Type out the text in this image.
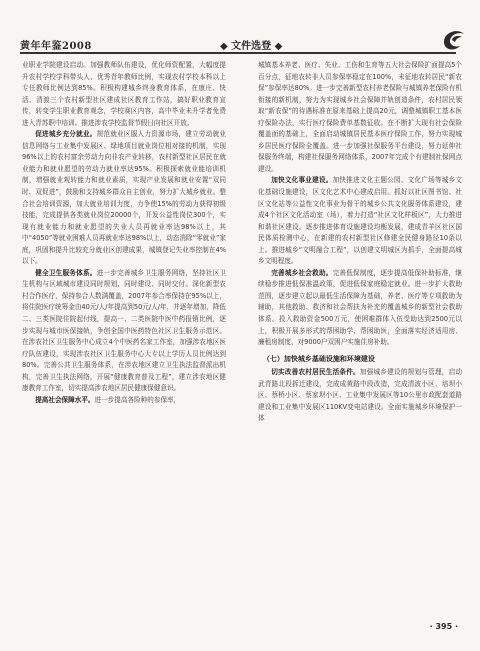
黄年年鉴2008	◆ 文件选登 ◆

业职业学院建设启动。加强教师队伍建设，优化师资配置，大幅度提升农村学校学科带头人、优秀青年教师比例，实现农村学校本科以上专任教师比例达到85%。积极构建城乡终身教育体系，在康庄、快活、清渡三个农村新型社区建成社区教育工作站，搞好职业教育宣传，转变学生职业教育观念，学校赛区内容，高中毕业未升学者免费进入青苏职中培训。推进涉农学校监督节假日向社区开放。

促进城乡充分就业。规范就业区服人力资源市场，建立劳动就业信息网络与工业集中发展区、绿地项目就业岗位相对接的机制，实现96%以上的农村富余劳动力向非农产业转移，农村新型社区居民在就业能力和就业愿望的劳动力就业率达95%。积极探索就业能培训机制，增强就业观转能力和就业素质，实现产业发展和就业安置“双同时、双促进”，鼓励和支持城乡群众自主创业，努力扩大城乡就业。整合社会培训资源，加大就业培训力度，力争使15%的劳动力获得初级技能，完成提供各类就业岗位20000个，开发公益性岗位300个，实现有就业能力和就业愿望的失业人员再就业率达98%以上，其中“4050”等就业困难人员再就业率达98%以上，动态消除“零就业”家庭，巩固和提升比较充分就业区创建成果，城镇登记失业率控制在4%以下。

健全卫生服务体系。进一步完善城乡卫生服务网络，坚持社区卫生机构与区域城市建设同时规划、同时建设、同时交付。深化新型农村合作医疗，保持参合人数满覆盖，2007年参合率保持在95%以上，将住院医疗统筹金由40元/人/年提高到50元/人/年，并逐年增加，降低二、三类医院住院起付线，提高一、二类医院中医中药报销比例，逐步实现与城市医保接轨，争创全国中医药特色社区卫生服务示范区。在涉农社区卫生服务中心成立4个中医药名家工作室，加强涉农地区医疗队伍建设，实现涉农社区卫生服务中心大专以上学历人员比例达到80%。完善公共卫生服务体系，在涉农地区建立卫生执法监督派出机构，完善卫生执法网络，开展“健康教育普及工程”，建立涉农地区健康教育工作室，切实提高涉农地区居民健康保健意识。

提高社会保障水平。进一步提高各险种的参保率，

城镇基本养老、医疗、失业、工伤和生育等五大社会保险扩面提高5个百分点，征地农转非人员参保率稳定在100%，未征地农转居民“新农保”参保率达80%。进一步完善新型农村养老保险与城镇养老保险有机衔接的新机制，努力为实现城乡社会保障并轨创造条件，农村居民领取“新农保”的待遇标准在原来基础上提高20元，调整城镇职工基本医疗保险办法，实行医疗保险费单基数征收。在不断扩大现有社会保险覆盖面的基础上，全面启动城镇居民基本医疗保险工作，努力实现城乡居民医疗保险全覆盖。进一步加强社保服务平台建设，努力延伸社保服务终端，构建社保服务网络体系，2007年完成个有建制社保网点建设。

加快文化事业建设。加快推进文化主题公园、文化广场等城乡文化基础设施建设，区文化艺术中心建成启用。抓好以社区图书馆、社区文化站等公益性文化事业为骨干的城乡公共文化服务体系建设，建成4个社区文化活动室（场），着力打造“社区文化样板区”，大力推进和谐社区建设。逐步推进体育设施建设均衡发展，建成青羊区社区国民体质检测中心，在新建的农村新型社区修建全民健身路径10条以上。推进城乡“文明融合工程”，以创建文明城区为抓手，全面提高城乡文明程度。

完善城乡社会救助。完善低保制度，逐步提高低保补助标准，继续稳步推进低保准温政策，促进低保家庭稳定就业。进一步扩大救助范围，逐步建立起以最低生活保障为基础，养老、医疗等专项救助为辅助，其他救助、救济和社会帮扶为补充的覆盖城乡的新型社会救助体系。投入救助资金500万元，使困难群体入伍受助达到2500元以上，积极开展多形式的帮困助学、帮困助医，全面落实经济适用房、廉租房制度，对9000户双困户实施住房补助。

（七）加快城乡基础设施和环境建设

切实改善农村居民生活条件。加强城乡建设的规划与管理，启动武青路北段拆迁建设，完成成黄路中段改造，完成清波小区、培坝小区、蔡桥小区、蔡家坝小区、工业集中发展区等10公里市政配套道路建设和工业集中发展区110KV变电站建设。全面实施城乡环境保护一体

· 395 ·
